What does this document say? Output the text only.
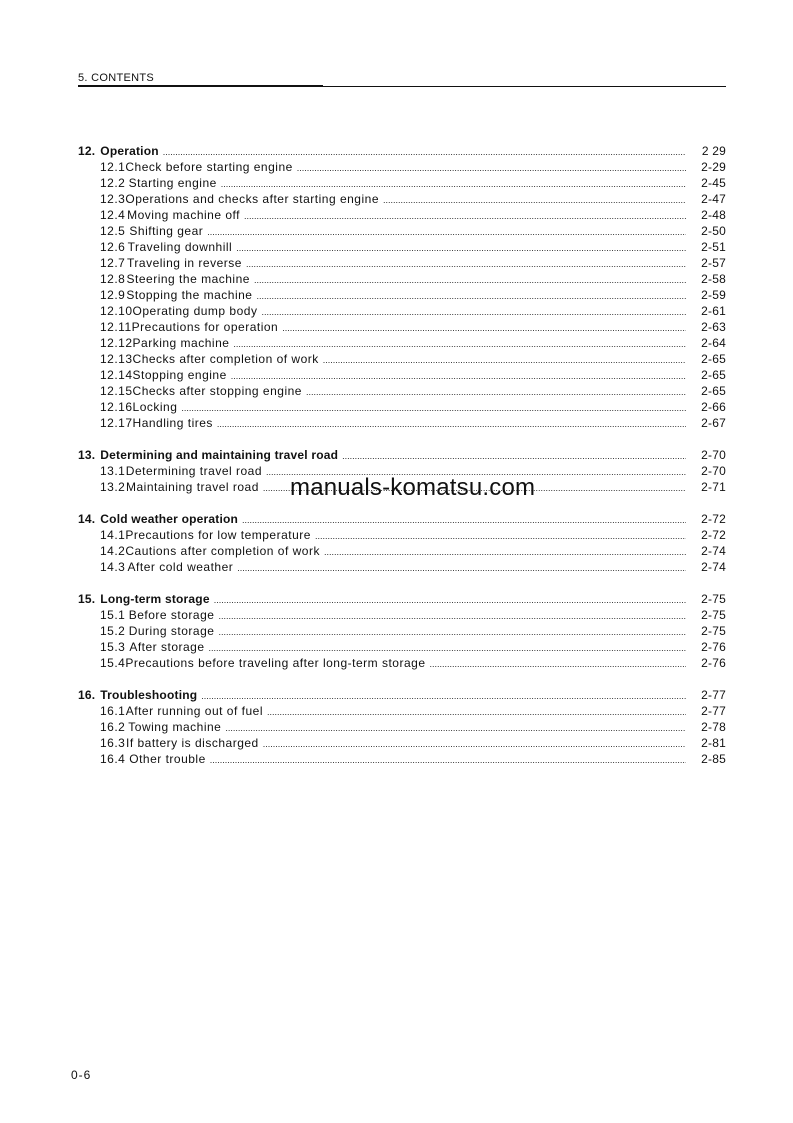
5. CONTENTS
12. Operation .....	2 29
12.1 Check before starting engine .....	2-29
12.2 Starting engine .....	2-45
12.3 Operations and checks after starting engine .....	2-47
12.4 Moving machine off .....	2-48
12.5 Shifting gear .....	2-50
12.6 Traveling downhill .....	2-51
12.7 Traveling in reverse .....	2-57
12.8 Steering the machine .....	2-58
12.9 Stopping the machine .....	2-59
12.10 Operating dump body .....	2-61
12.11 Precautions for operation .....	2-63
12.12 Parking machine .....	2-64
12.13 Checks after completion of work .....	2-65
12.14 Stopping engine .....	2-65
12.15 Checks after stopping engine .....	2-65
12.16 Locking .....	2-66
12.17 Handling tires .....	2-67
13. Determining and maintaining travel road .....	2-70
13.1 Determining travel road .....	2-70
13.2 Maintaining travel road .....	2-71
14. Cold weather operation .....	2-72
14.1 Precautions for low temperature .....	2-72
14.2 Cautions after completion of work .....	2-74
14.3 After cold weather .....	2-74
15. Long-term storage .....	2-75
15.1 Before storage .....	2-75
15.2 During storage .....	2-75
15.3 After storage .....	2-76
15.4 Precautions before traveling after long-term storage .....	2-76
16. Troubleshooting .....	2-77
16.1 After running out of fuel .....	2-77
16.2 Towing machine .....	2-78
16.3 If battery is discharged .....	2-81
16.4 Other trouble .....	2-85
manuals-komatsu.com
0-6
